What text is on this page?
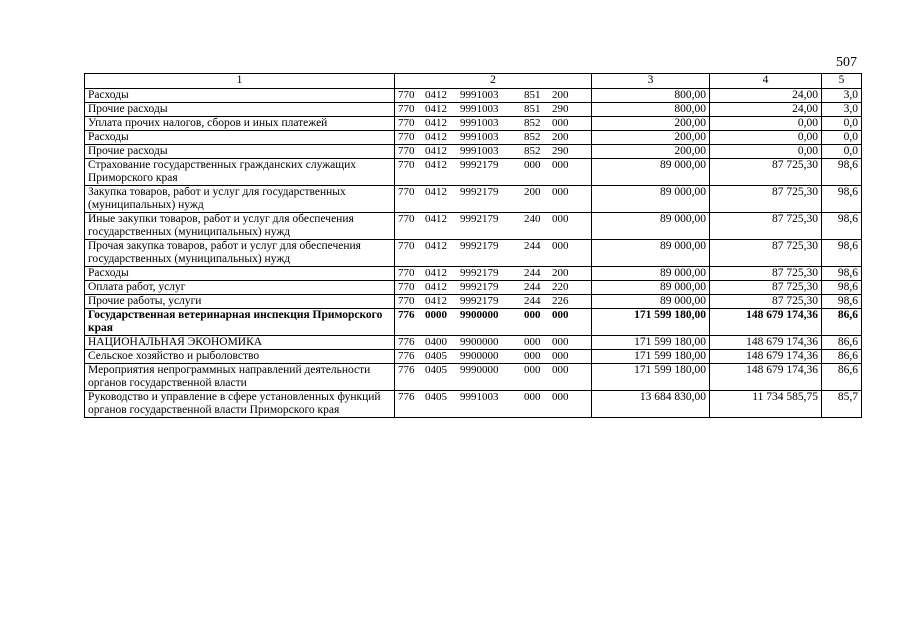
507
1	2	3	4	5
Расходы	770 0412 9991003 851 200	800,00	24,00	3,0
Прочие расходы	770 0412 9991003 851 290	800,00	24,00	3,0
Уплата прочих налогов, сборов и иных платежей	770 0412 9991003 852 000	200,00	0,00	0,0
Расходы	770 0412 9991003 852 200	200,00	0,00	0,0
Прочие расходы	770 0412 9991003 852 290	200,00	0,00	0,0
Страхование государственных гражданских служащих Приморского края	770 0412 9992179 000 000	89 000,00	87 725,30	98,6
Закупка товаров, работ и услуг для государственных (муниципальных) нужд	770 0412 9992179 200 000	89 000,00	87 725,30	98,6
Иные закупки товаров, работ и услуг для обеспечения государственных (муниципальных) нужд	770 0412 9992179 240 000	89 000,00	87 725,30	98,6
Прочая закупка товаров, работ и услуг для обеспечения государственных (муниципальных) нужд	770 0412 9992179 244 000	89 000,00	87 725,30	98,6
Расходы	770 0412 9992179 244 200	89 000,00	87 725,30	98,6
Оплата работ, услуг	770 0412 9992179 244 220	89 000,00	87 725,30	98,6
Прочие работы, услуги	770 0412 9992179 244 226	89 000,00	87 725,30	98,6
Государственная ветеринарная инспекция Приморского края	776 0000 9900000 000 000	171 599 180,00	148 679 174,36	86,6
НАЦИОНАЛЬНАЯ ЭКОНОМИКА	776 0400 9900000 000 000	171 599 180,00	148 679 174,36	86,6
Сельское хозяйство и рыболовство	776 0405 9900000 000 000	171 599 180,00	148 679 174,36	86,6
Мероприятия непрограммных направлений деятельности органов государственной власти	776 0405 9990000 000 000	171 599 180,00	148 679 174,36	86,6
Руководство и управление в сфере установленных функций органов государственной власти Приморского края	776 0405 9991003 000 000	13 684 830,00	11 734 585,75	85,7
